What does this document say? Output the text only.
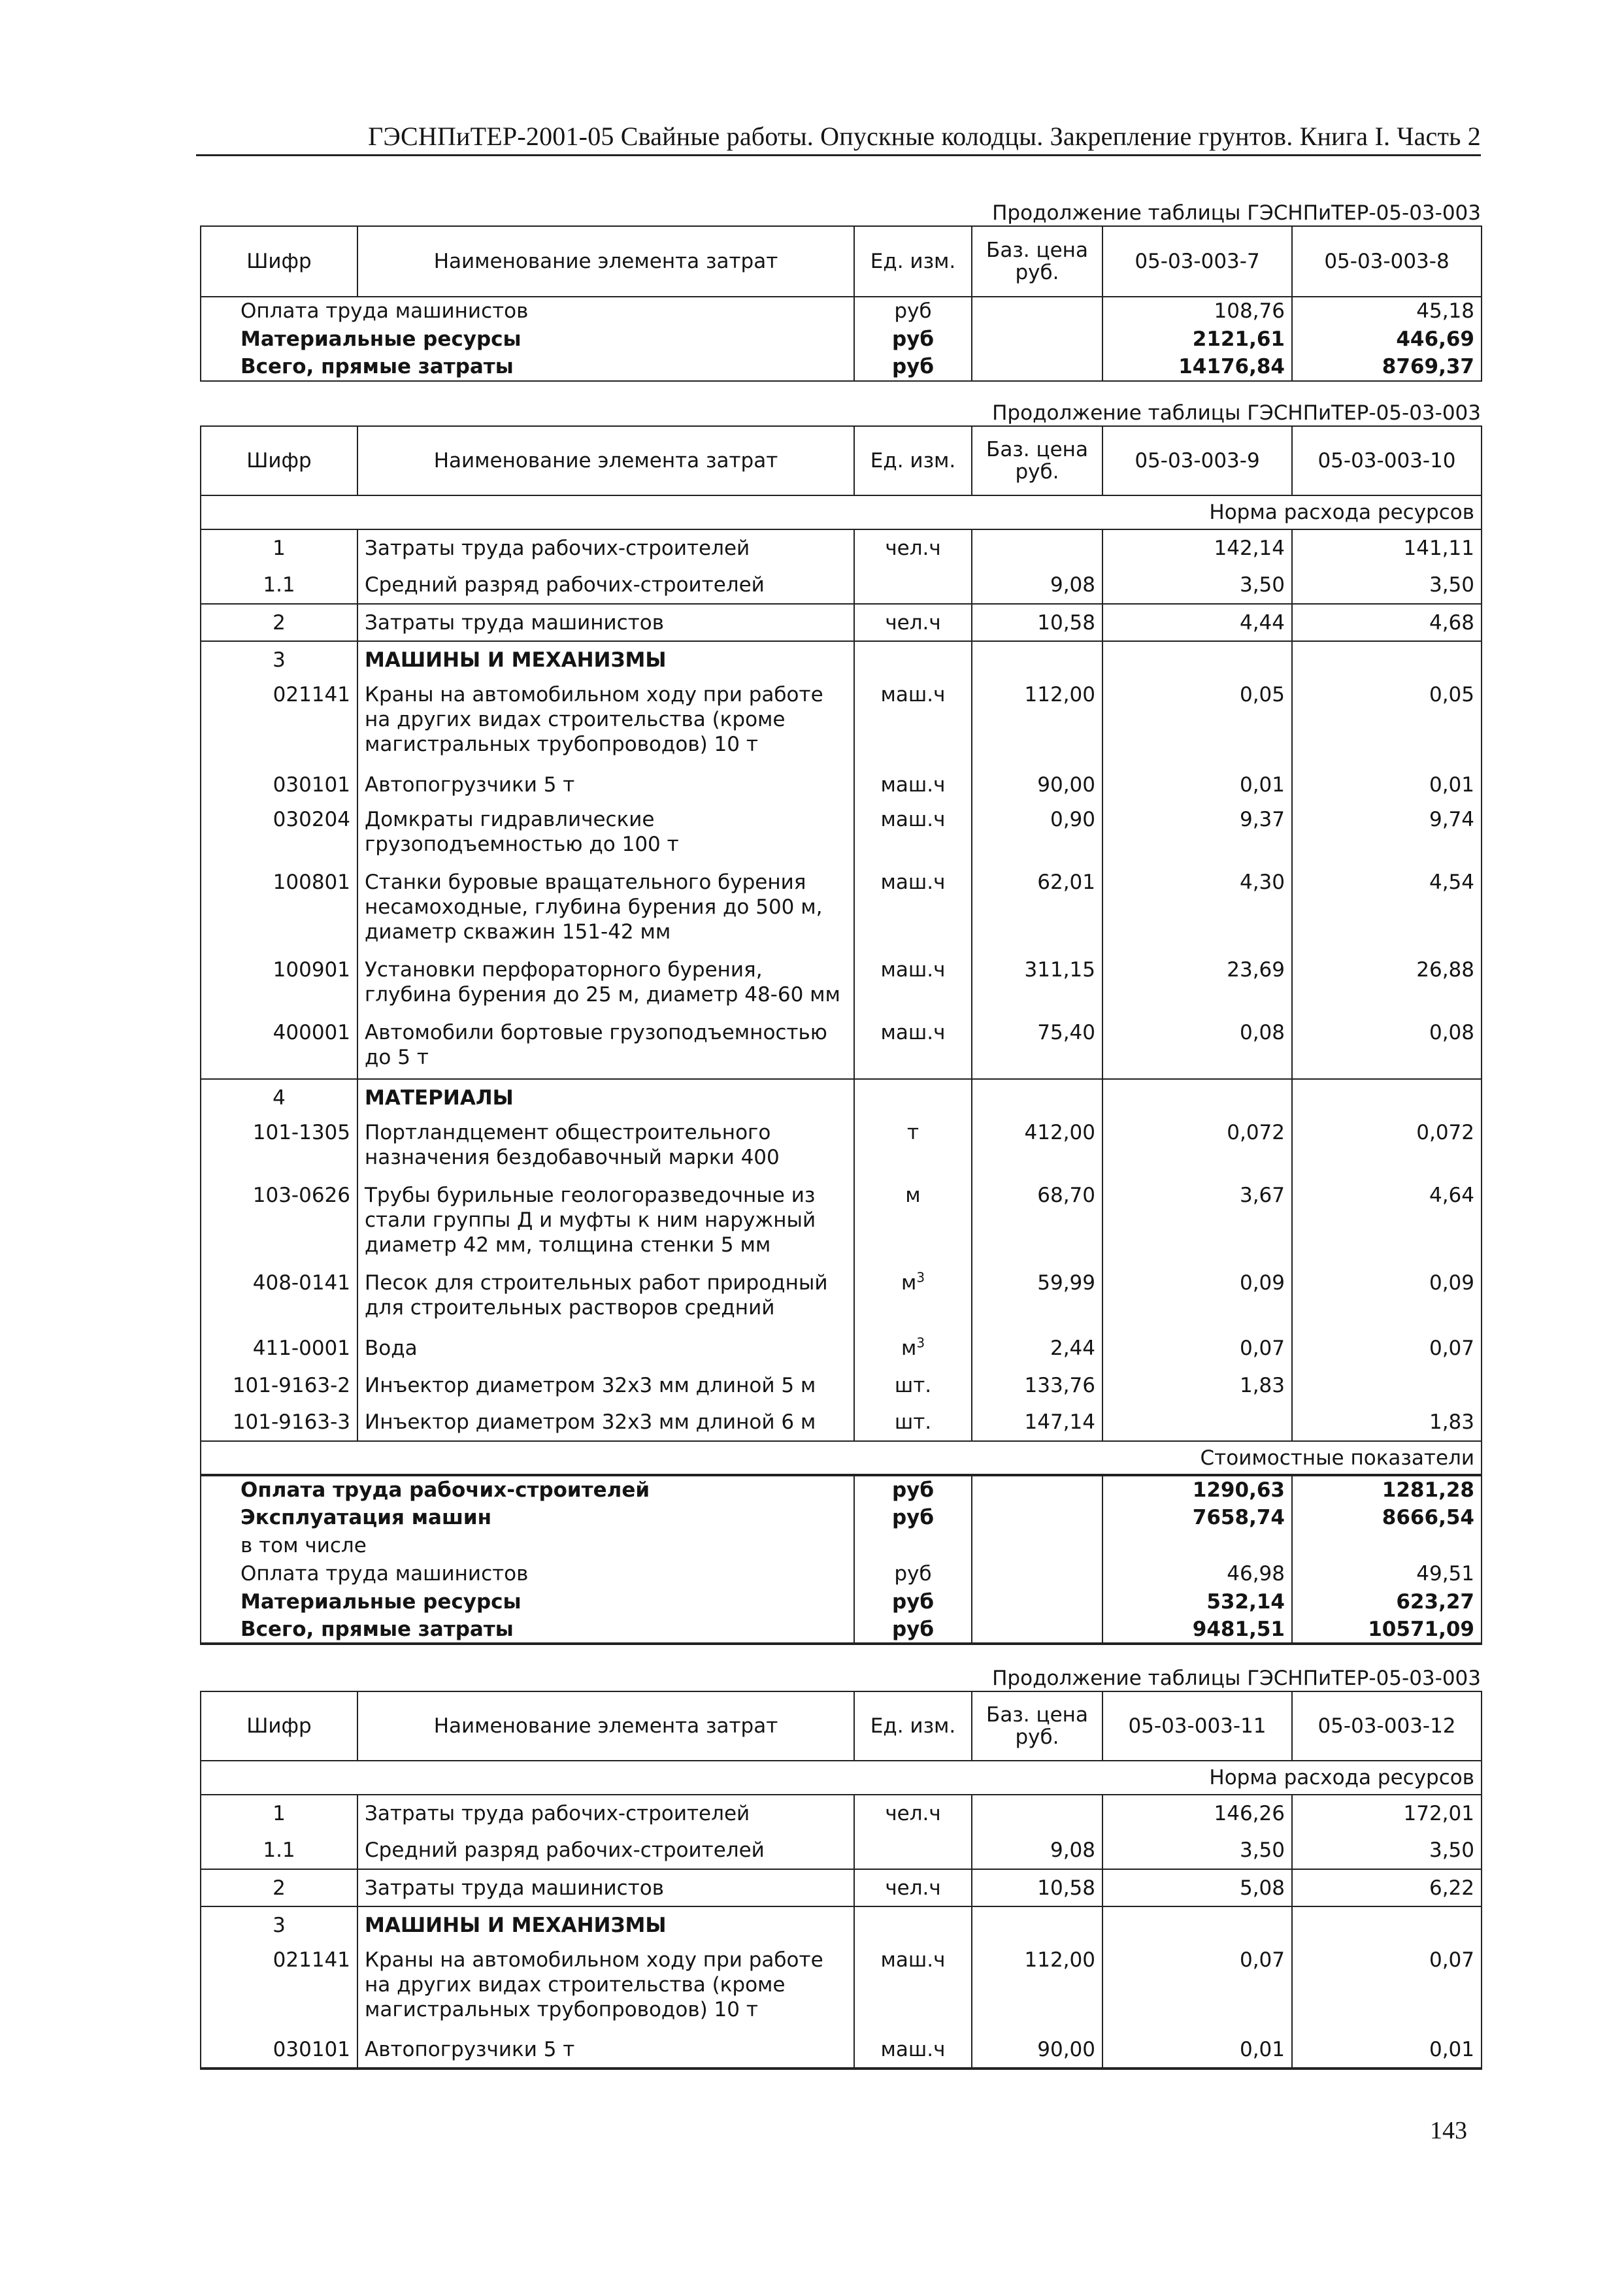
ГЭСНПиТЕР-2001-05 Свайные работы. Опускные колодцы. Закрепление грунтов. Книга I. Часть 2
Продолжение таблицы ГЭСНПиТЕР-05-03-003
Шифр	Наименование элемента затрат	Ед. изм.	Баз. цена руб.	05-03-003-7	05-03-003-8
Оплата труда машинистов		руб		108,76	45,18
Материальные ресурсы		руб		2121,61	446,69
Всего, прямые затраты		руб		14176,84	8769,37
Продолжение таблицы ГЭСНПиТЕР-05-03-003
Шифр	Наименование элемента затрат	Ед. изм.	Баз. цена руб.	05-03-003-9	05-03-003-10
Норма расхода ресурсов					
1	Затраты труда рабочих-строителей	чел.ч		142,14	141,11
1.1	Средний разряд рабочих-строителей		9,08	3,50	3,50
2	Затраты труда машинистов	чел.ч	10,58	4,44	4,68
3	МАШИНЫ И МЕХАНИЗМЫ				
021141	Краны на автомобильном ходу при работе на других видах строительства (кроме магистральных трубопроводов) 10 т	маш.ч	112,00	0,05	0,05
030101	Автопогрузчики 5 т	маш.ч	90,00	0,01	0,01
030204	Домкраты гидравлические грузоподъемностью до 100 т	маш.ч	0,90	9,37	9,74
100801	Станки буровые вращательного бурения несамоходные, глубина бурения до 500 м, диаметр скважин 151-42 мм	маш.ч	62,01	4,30	4,54
100901	Установки перфораторного бурения, глубина бурения до 25 м, диаметр 48-60 мм	маш.ч	311,15	23,69	26,88
400001	Автомобили бортовые грузоподъемностью до 5 т	маш.ч	75,40	0,08	0,08
4	МАТЕРИАЛЫ				
101-1305	Портландцемент общестроительного назначения бездобавочный марки 400	т	412,00	0,072	0,072
103-0626	Трубы бурильные геологоразведочные из стали группы Д и муфты к ним наружный диаметр 42 мм, толщина стенки 5 мм	м	68,70	3,67	4,64
408-0141	Песок для строительных работ природный для строительных растворов средний	$м^3$	59,99	0,09	0,09
411-0001	Вода	$м^3$	2,44	0,07	0,07
101-9163-2	Инъектор диаметром 32х3 мм длиной 5 м	шт.	133,76	1,83	
101-9163-3	Инъектор диаметром 32х3 мм длиной 6 м	шт.	147,14		1,83
Стоимостные показатели					
Оплата труда рабочих-строителей		руб		1290,63	1281,28
Эксплуатация машин		руб		7658,74	8666,54
в том числе					
Оплата труда машинистов		руб		46,98	49,51
Материальные ресурсы		руб		532,14	623,27
Всего, прямые затраты		руб		9481,51	10571,09
Продолжение таблицы ГЭСНПиТЕР-05-03-003
Шифр	Наименование элемента затрат	Ед. изм.	Баз. цена руб.	05-03-003-11	05-03-003-12
Норма расхода ресурсов					
1	Затраты труда рабочих-строителей	чел.ч		146,26	172,01
1.1	Средний разряд рабочих-строителей		9,08	3,50	3,50
2	Затраты труда машинистов	чел.ч	10,58	5,08	6,22
3	МАШИНЫ И МЕХАНИЗМЫ				
021141	Краны на автомобильном ходу при работе на других видах строительства (кроме магистральных трубопроводов) 10 т	маш.ч	112,00	0,07	0,07
030101	Автопогрузчики 5 т	маш.ч	90,00	0,01	0,01
143
